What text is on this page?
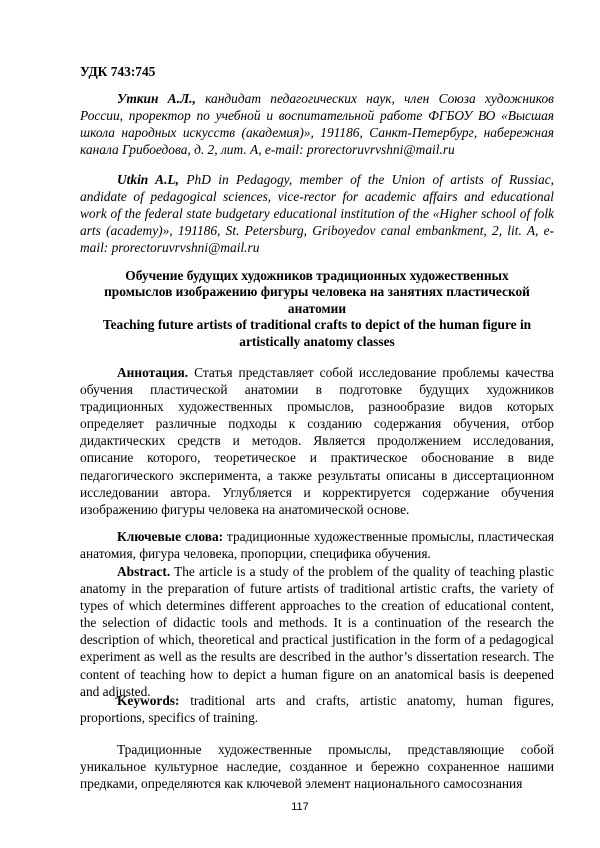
УДК 743:745

Уткин А.Л., кандидат педагогических наук, член Союза художников России, проректор по учебной и воспитательной работе ФГБОУ ВО «Высшая школа народных искусств (академия)», 191186, Санкт-Петербург, набережная канала Грибоедова, д. 2, лит. А, e-mail: prorectoruvrvshni@mail.ru

Utkin A.L, PhD in Pedagogy, member of the Union of artists of Russiac, andidate of pedagogical sciences, vice-rector for academic affairs and educational work of the federal state budgetary educational institution of the «Higher school of folk arts (academy)», 191186, St. Petersburg, Griboyedov canal embankment, 2, lit. A, e-mail: prorectoruvrvshni@mail.ru

Обучение будущих художников традиционных художественных промыслов изображению фигуры человека на занятиях пластической анатомии

Teaching future artists of traditional crafts to depict of the human figure in artistically anatomy classes

Аннотация. Статья представляет собой исследование проблемы качества обучения пластической анатомии в подготовке будущих художников традиционных художественных промыслов, разнообразие видов которых определяет различные подходы к созданию содержания обучения, отбор дидактических средств и методов. Является продолжением исследования, описание которого, теоретическое и практическое обоснование в виде педагогического эксперимента, а также результаты описаны в диссертационном исследовании автора. Углубляется и корректируется содержание обучения изображению фигуры человека на анатомической основе.

Ключевые слова: традиционные художественные промыслы, пластическая анатомия, фигура человека, пропорции, специфика обучения.

Abstract. The article is a study of the problem of the quality of teaching plastic anatomy in the preparation of future artists of traditional artistic crafts, the variety of types of which determines different approaches to the creation of educational content, the selection of didactic tools and methods. It is a continuation of the research the description of which, theoretical and practical justification in the form of a pedagogical experiment as well as the results are described in the author’s dissertation research. The content of teaching how to depict a human figure on an anatomical basis is deepened and adjusted.

Keywords: traditional arts and crafts, artistic anatomy, human figures, proportions, specifics of training.

Традиционные художественные промыслы, представляющие собой уникальное культурное наследие, созданное и бережно сохраненное нашими предками, определяются как ключевой элемент национального самосознания

117
